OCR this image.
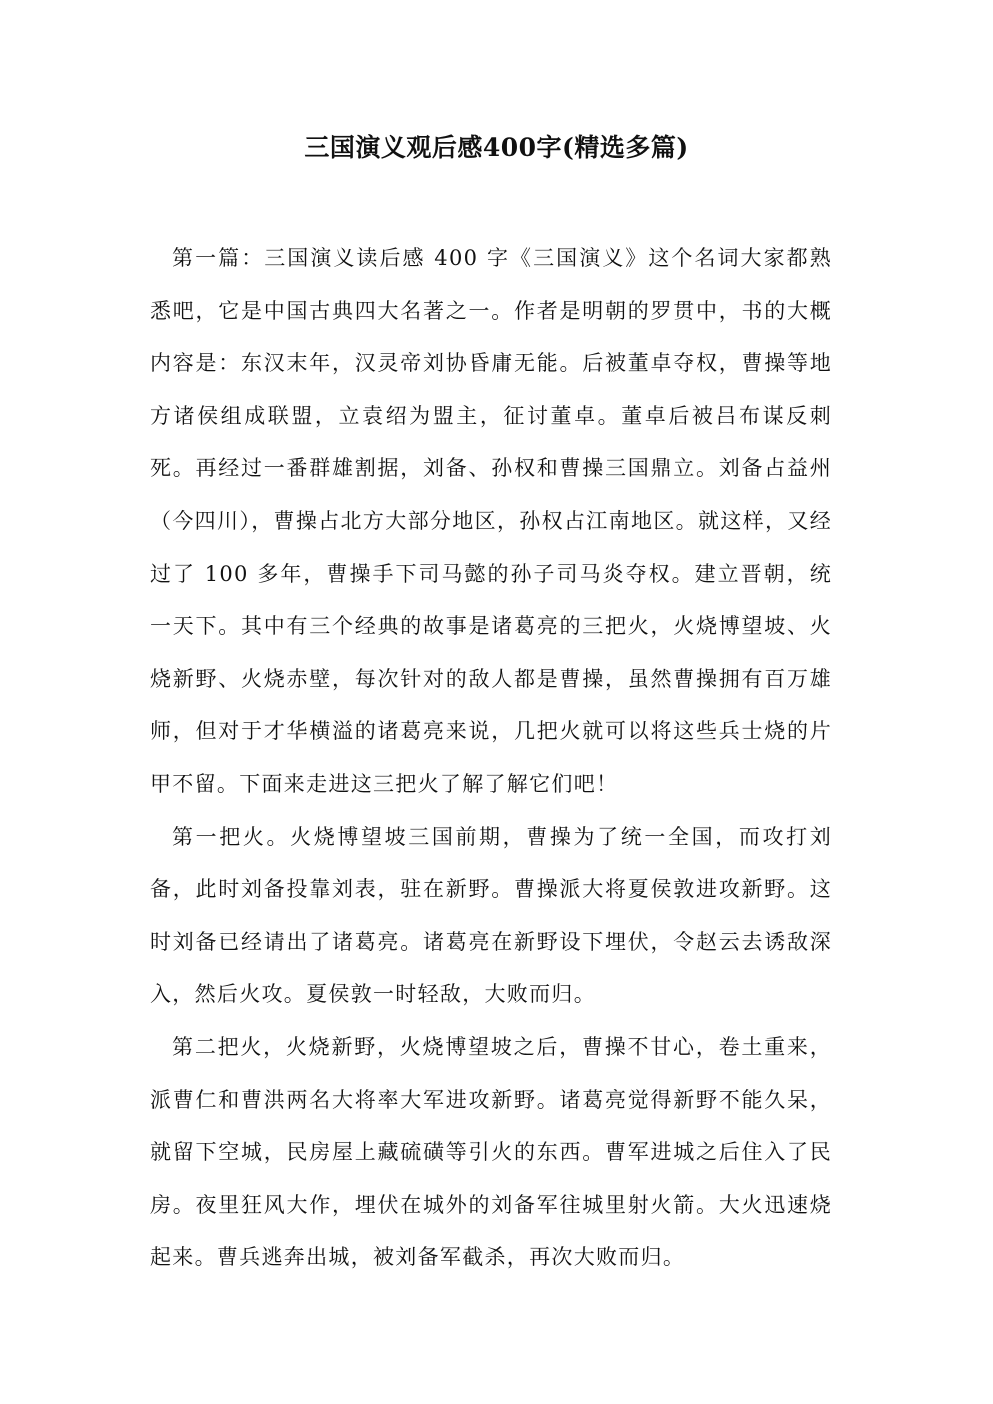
三国演义观后感400字(精选多篇)

第一篇：三国演义读后感 400 字《三国演义》这个名词大家都熟悉吧，它是中国古典四大名著之一。作者是明朝的罗贯中，书的大概内容是：东汉末年，汉灵帝刘协昏庸无能。后被董卓夺权，曹操等地方诸侯组成联盟，立袁绍为盟主，征讨董卓。董卓后被吕布谋反刺死。再经过一番群雄割据，刘备、孙权和曹操三国鼎立。刘备占益州（今四川），曹操占北方大部分地区，孙权占江南地区。就这样，又经过了 100 多年，曹操手下司马懿的孙子司马炎夺权。建立晋朝，统一天下。其中有三个经典的故事是诸葛亮的三把火，火烧博望坡、火烧新野、火烧赤壁，每次针对的敌人都是曹操，虽然曹操拥有百万雄师，但对于才华横溢的诸葛亮来说，几把火就可以将这些兵士烧的片甲不留。下面来走进这三把火了解了解它们吧！

第一把火。火烧博望坡三国前期，曹操为了统一全国，而攻打刘备，此时刘备投靠刘表，驻在新野。曹操派大将夏侯敦进攻新野。这时刘备已经请出了诸葛亮。诸葛亮在新野设下埋伏，令赵云去诱敌深入，然后火攻。夏侯敦一时轻敌，大败而归。

第二把火，火烧新野，火烧博望坡之后，曹操不甘心，卷土重来，派曹仁和曹洪两名大将率大军进攻新野。诸葛亮觉得新野不能久呆，就留下空城，民房屋上藏硫磺等引火的东西。曹军进城之后住入了民房。夜里狂风大作，埋伏在城外的刘备军往城里射火箭。大火迅速烧起来。曹兵逃奔出城，被刘备军截杀，再次大败而归。
